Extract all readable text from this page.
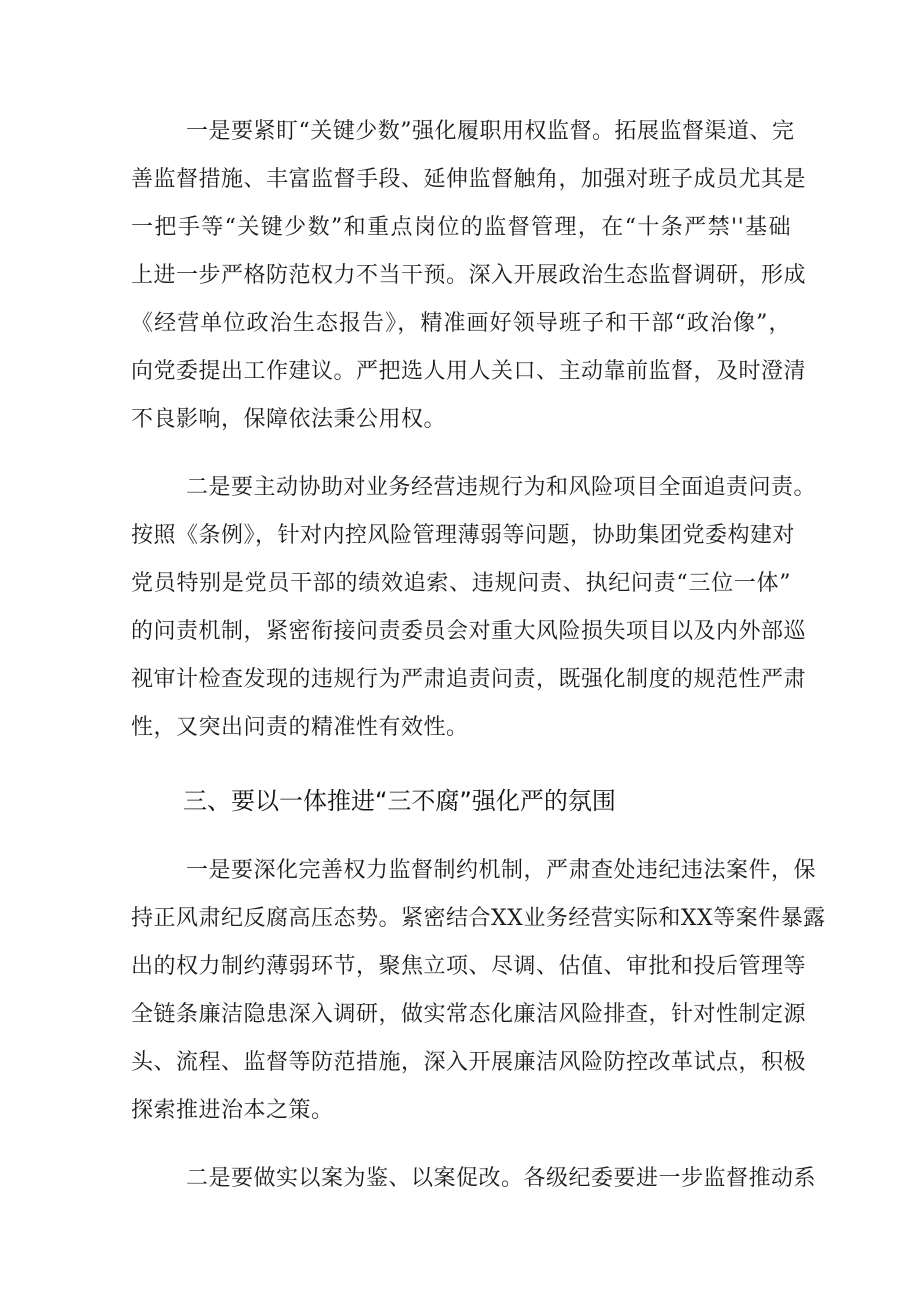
一是要紧盯“关键少数”强化履职用权监督。拓展监督渠道、完
善监督措施、丰富监督手段、延伸监督触角，加强对班子成员尤其是
一把手等“关键少数”和重点岗位的监督管理，在“十条严禁''基础
上进一步严格防范权力不当干预。深入开展政治生态监督调研，形成
《经营单位政治生态报告》，精准画好领导班子和干部“政治像”，
向党委提出工作建议。严把选人用人关口、主动靠前监督，及时澄清
不良影响，保障依法秉公用权。
二是要主动协助对业务经营违规行为和风险项目全面追责问责。
按照《条例》，针对内控风险管理薄弱等问题，协助集团党委构建对
党员特别是党员干部的绩效追索、违规问责、执纪问责“三位一体”
的问责机制，紧密衔接问责委员会对重大风险损失项目以及内外部巡
视审计检查发现的违规行为严肃追责问责，既强化制度的规范性严肃
性，又突出问责的精准性有效性。
三、要以一体推进“三不腐”强化严的氛围
一是要深化完善权力监督制约机制，严肃查处违纪违法案件，保
持正风肃纪反腐高压态势。紧密结合XX业务经营实际和XX等案件暴露
出的权力制约薄弱环节，聚焦立项、尽调、估值、审批和投后管理等
全链条廉洁隐患深入调研，做实常态化廉洁风险排查，针对性制定源
头、流程、监督等防范措施，深入开展廉洁风险防控改革试点，积极
探索推进治本之策。
二是要做实以案为鉴、以案促改。各级纪委要进一步监督推动系
